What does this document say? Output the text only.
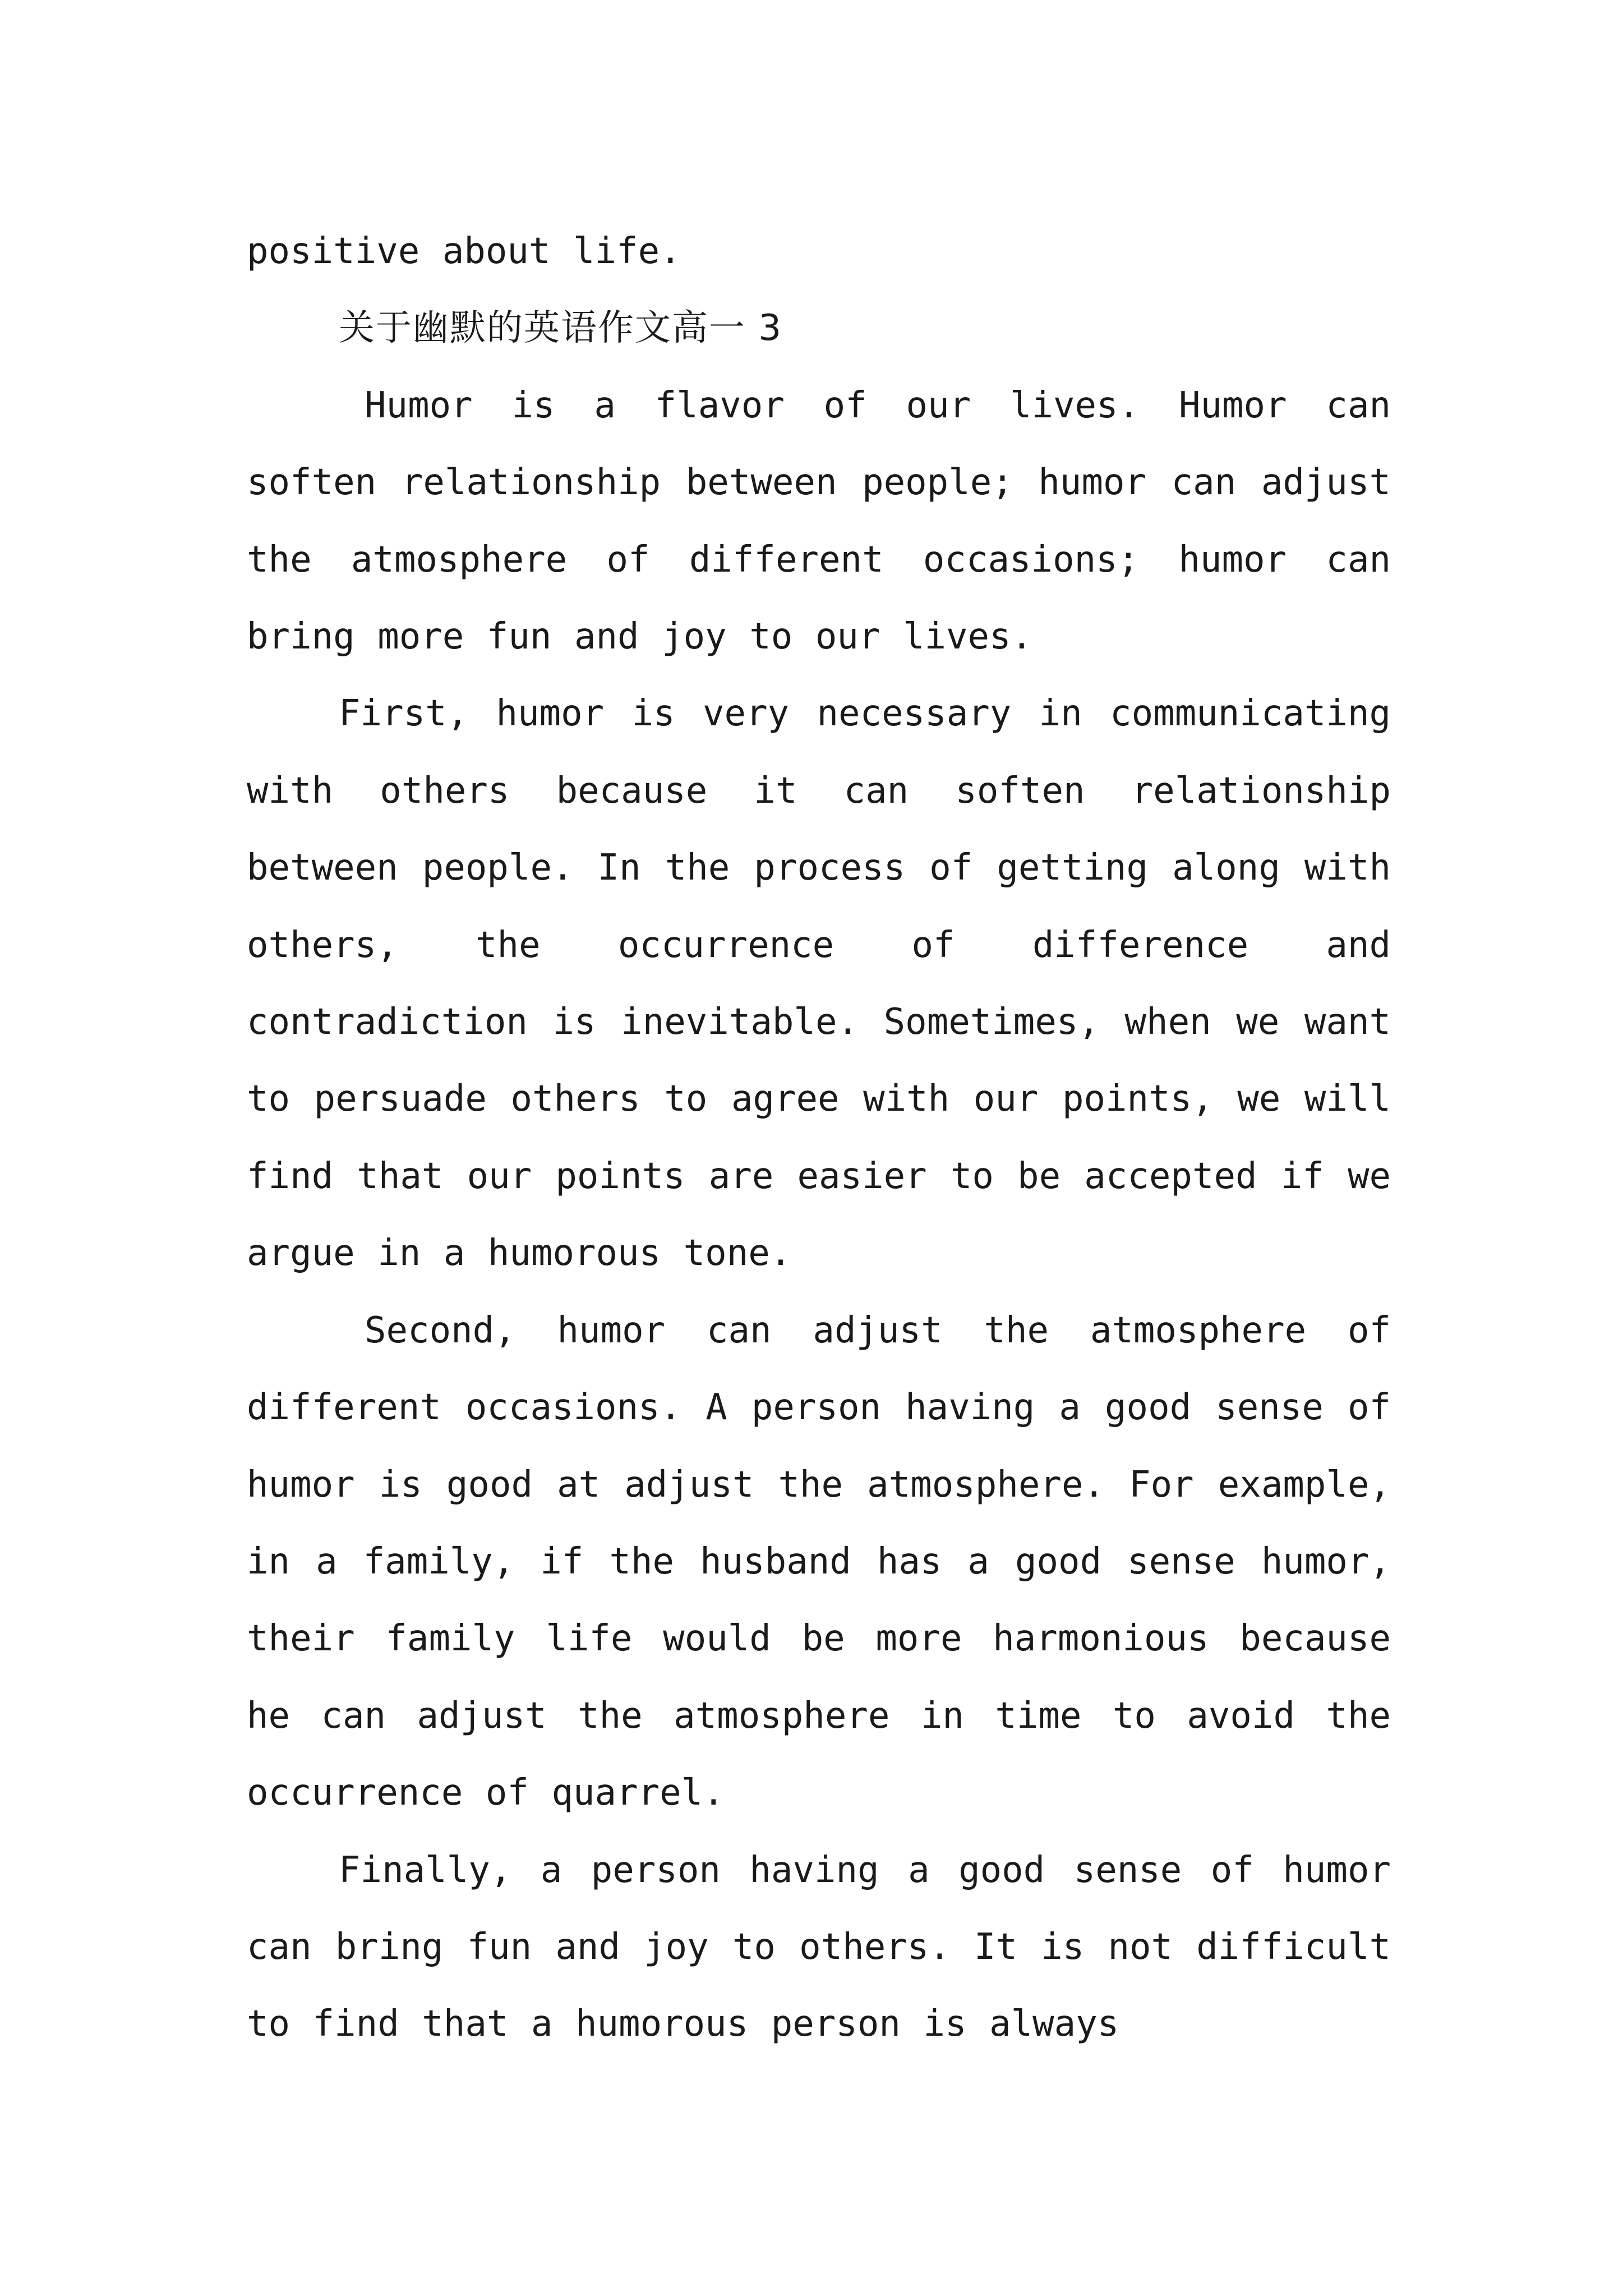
positive about life.

关于幽默的英语作文高一 3

Humor is a flavor of our lives. Humor can soften relationship between people; humor can adjust the atmosphere of different occasions; humor can bring more fun and joy to our lives.

First, humor is very necessary in communicating with others because it can soften relationship between people. In the process of getting along with others, the occurrence of difference and contradiction is inevitable. Sometimes, when we want to persuade others to agree with our points, we will find that our points are easier to be accepted if we argue in a humorous tone.

Second, humor can adjust the atmosphere of different occasions. A person having a good sense of humor is good at adjust the atmosphere. For example, in a family, if the husband has a good sense humor, their family life would be more harmonious because he can adjust the atmosphere in time to avoid the occurrence of quarrel.

Finally, a person having a good sense of humor can bring fun and joy to others. It is not difficult to find that a humorous person is always
